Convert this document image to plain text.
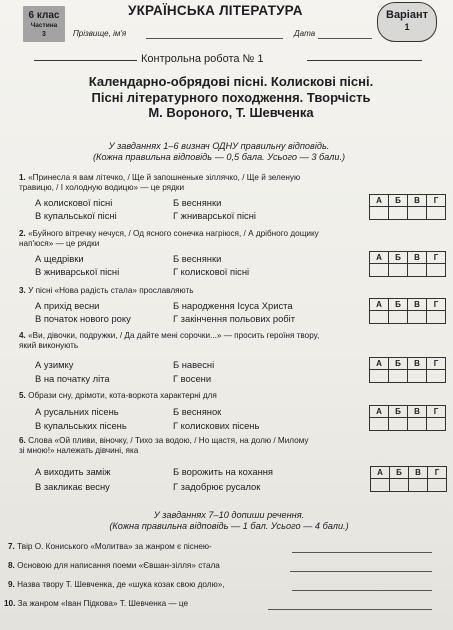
6 клас
Частина
3
УКРАЇНСЬКА ЛІТЕРАТУРА
Прізвище, ім'я	Дата
Варіант
1
Контрольна робота № 1
Календарно-обрядові пісні. Колискові пісні.
Пісні літературного походження. Творчість
М. Вороного, Т. Шевченка
У завданнях 1–6 визнач ОДНУ правильну відповідь.
(Кожна правильна відповідь — 0,5 бала. Усього — 3 бали.)
1. «Принесла я вам літечко, / Ще й запошненьке зіллячко, / Ще й зеленую
травицю, / І холодную водицю» — це рядки
А колискової пісні	Б веснянки
В купальської пісні	Г жниварської пісні
А	Б	В	Г

2. «Буйного вітречку нечуся, / Од ясного сонечка нагріюся, / А дрібного дощику
нап'юся» — це рядки
А щедрівки	Б веснянки
В жниварської пісні	Г колискової пісні
А	Б	В	Г

3. У пісні «Нова радість стала» прославляють
А прихід весни	Б народження Ісуса Христа
В початок нового року	Г закінчення польових робіт
А	Б	В	Г

4. «Ви, дівочки, подружки, / Да дайте мені сорочки...» — просить героїня твору,
який виконують
А узимку	Б навесні
В на початку літа	Г восени
А	Б	В	Г

5. Образи сну, дрімоти, кота-воркота характерні для
А русальних пісень	Б веснянок
В купальських пісень	Г колискових пісень
А	Б	В	Г

6. Слова «Ой пливи, віночку, / Тихо за водою, / Но щастя, на долю / Милому
зі мною!» належать дівчині, яка
А виходить заміж	Б ворожить на кохання
В закликає весну	Г задобрює русалок
А	Б	В	Г

У завданнях 7–10 допиши речення.
(Кожна правильна відповідь — 1 бал. Усього — 4 бали.)
7. Твір О. Кониського «Молитва» за жанром є піснею-
8. Основою для написання поеми «Євшан-зілля» стала
9. Назва твору Т. Шевченка, де «шука козак свою долю»,
10. За жанром «Іван Підкова» Т. Шевченка — це
